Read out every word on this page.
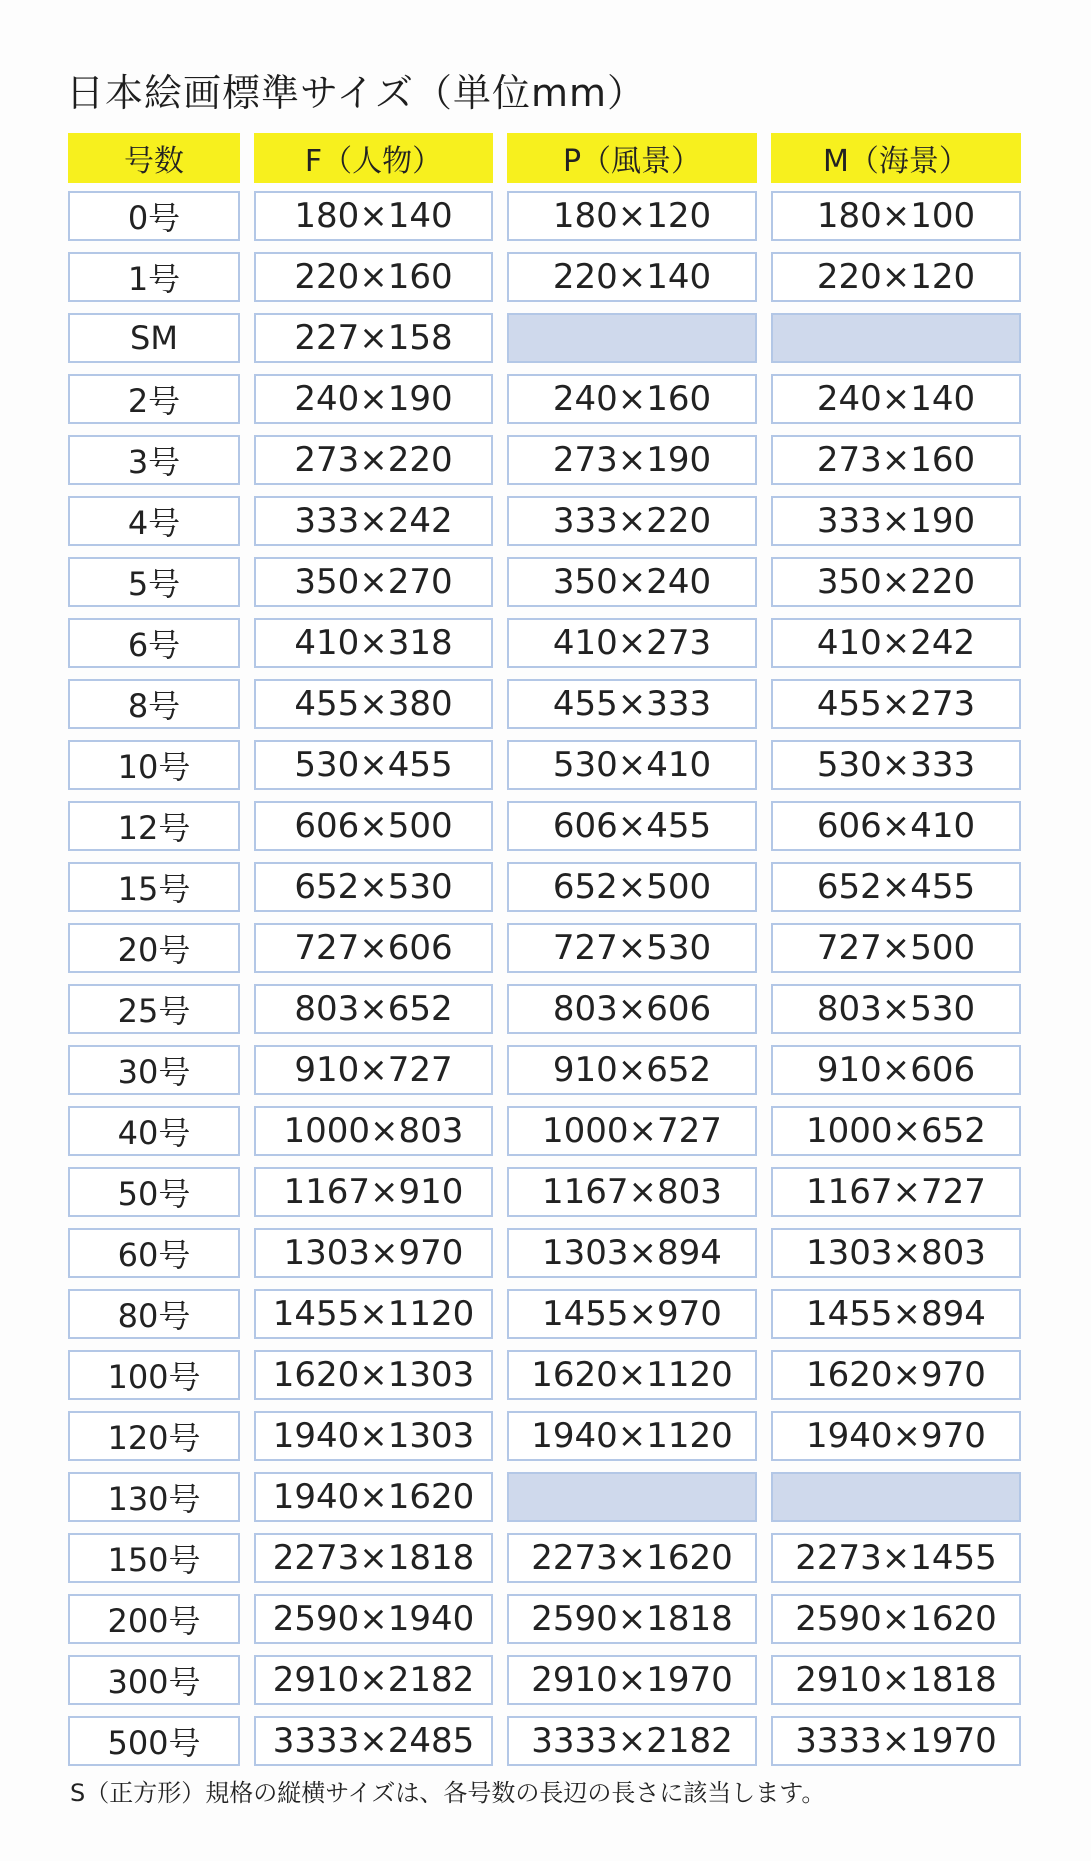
日本絵画標準サイズ（単位mm）
号数	F（人物）	P（風景）	M（海景）
0号	180×140	180×120	180×100
1号	220×160	220×140	220×120
SM	227×158
2号	240×190	240×160	240×140
3号	273×220	273×190	273×160
4号	333×242	333×220	333×190
5号	350×270	350×240	350×220
6号	410×318	410×273	410×242
8号	455×380	455×333	455×273
10号	530×455	530×410	530×333
12号	606×500	606×455	606×410
15号	652×530	652×500	652×455
20号	727×606	727×530	727×500
25号	803×652	803×606	803×530
30号	910×727	910×652	910×606
40号	1000×803	1000×727	1000×652
50号	1167×910	1167×803	1167×727
60号	1303×970	1303×894	1303×803
80号	1455×1120	1455×970	1455×894
100号	1620×1303	1620×1120	1620×970
120号	1940×1303	1940×1120	1940×970
130号	1940×1620
150号	2273×1818	2273×1620	2273×1455
200号	2590×1940	2590×1818	2590×1620
300号	2910×2182	2910×1970	2910×1818
500号	3333×2485	3333×2182	3333×1970
S（正方形）規格の縦横サイズは、各号数の長辺の長さに該当します。
